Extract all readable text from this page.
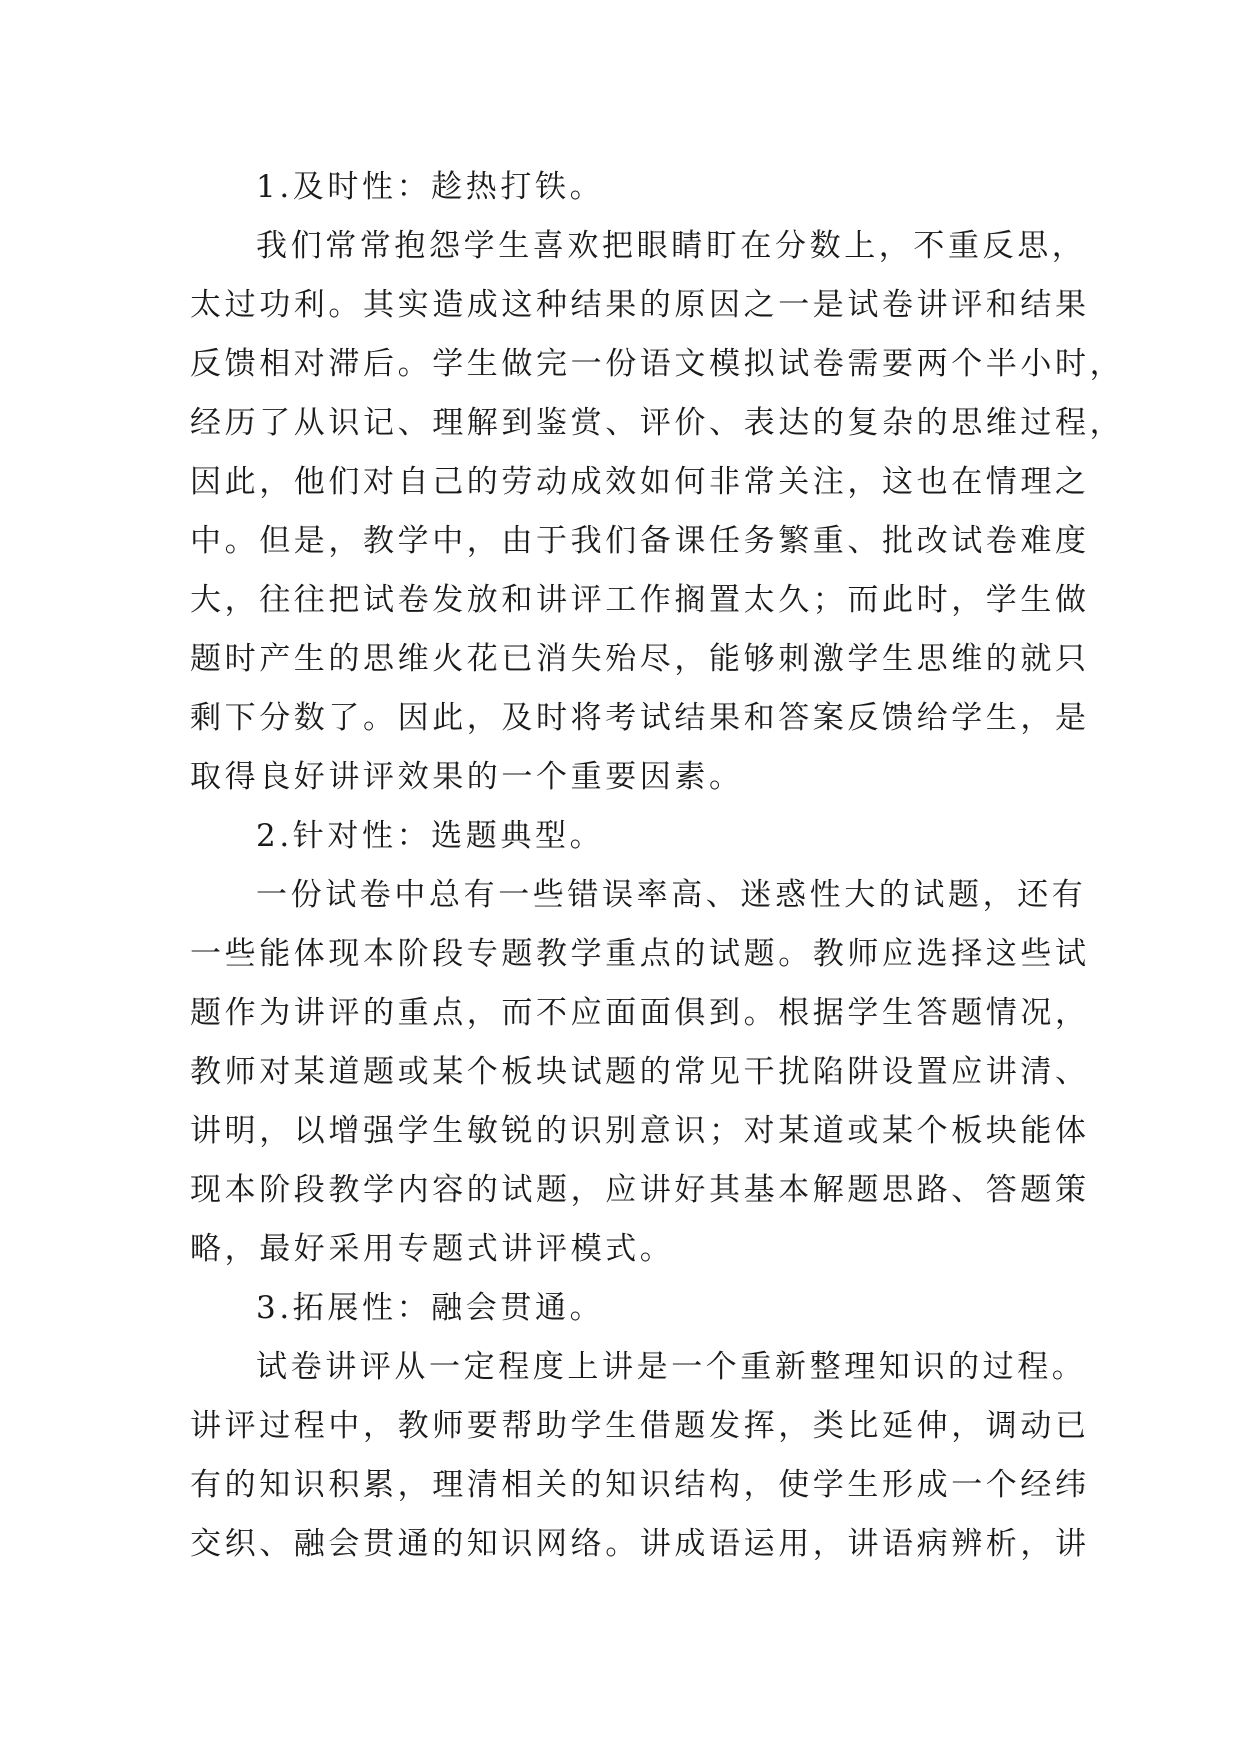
1.及时性：趁热打铁。
我们常常抱怨学生喜欢把眼睛盯在分数上，不重反思，
太过功利。其实造成这种结果的原因之一是试卷讲评和结果
反馈相对滞后。学生做完一份语文模拟试卷需要两个半小时，
经历了从识记、理解到鉴赏、评价、表达的复杂的思维过程，
因此，他们对自己的劳动成效如何非常关注，这也在情理之
中。但是，教学中，由于我们备课任务繁重、批改试卷难度
大，往往把试卷发放和讲评工作搁置太久；而此时，学生做
题时产生的思维火花已消失殆尽，能够刺激学生思维的就只
剩下分数了。因此，及时将考试结果和答案反馈给学生，是
取得良好讲评效果的一个重要因素。
2.针对性：选题典型。
一份试卷中总有一些错误率高、迷惑性大的试题，还有
一些能体现本阶段专题教学重点的试题。教师应选择这些试
题作为讲评的重点，而不应面面俱到。根据学生答题情况，
教师对某道题或某个板块试题的常见干扰陷阱设置应讲清、
讲明，以增强学生敏锐的识别意识；对某道或某个板块能体
现本阶段教学内容的试题，应讲好其基本解题思路、答题策
略，最好采用专题式讲评模式。
3.拓展性：融会贯通。
试卷讲评从一定程度上讲是一个重新整理知识的过程。
讲评过程中，教师要帮助学生借题发挥，类比延伸，调动已
有的知识积累，理清相关的知识结构，使学生形成一个经纬
交织、融会贯通的知识网络。讲成语运用，讲语病辨析，讲
